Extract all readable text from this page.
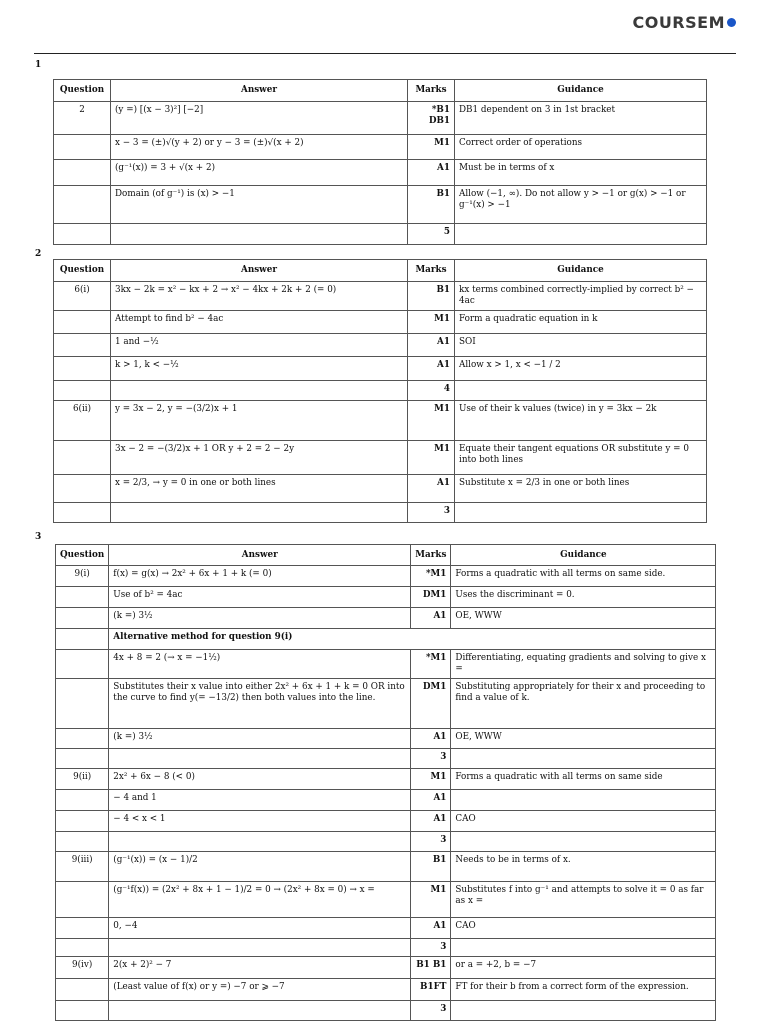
COURSEM
1
Question	Answer	Marks	Guidance
2	(y =) [(x − 3)²] [−2]	*B1 DB1	DB1 dependent on 3 in 1st bracket
	x − 3 = (±)√(y + 2) or y − 3 = (±)√(x + 2)	M1	Correct order of operations
	(g⁻¹(x)) = 3 + √(x + 2)	A1	Must be in terms of x
	Domain (of g⁻¹) is (x) > −1	B1	Allow (−1, ∞). Do not allow y > −1 or g(x) > −1 or g⁻¹(x) > −1
		5	
2
Question	Answer	Marks	Guidance
6(i)	3kx − 2k = x² − kx + 2 → x² − 4kx + 2k + 2 (= 0)	B1	kx terms combined correctly-implied by correct b² − 4ac
	Attempt to find b² − 4ac	M1	Form a quadratic equation in k
	1 and −½	A1	SOI
	k > 1, k < −½	A1	Allow x > 1, x < −1 / 2
		4	
6(ii)	y = 3x − 2, y = −(3/2)x + 1	M1	Use of their k values (twice) in y = 3kx − 2k
	3x − 2 = −(3/2)x + 1 OR y + 2 = 2 − 2y	M1	Equate their tangent equations OR substitute y = 0 into both lines
	x = 2/3, → y = 0 in one or both lines	A1	Substitute x = 2/3 in one or both lines
		3	
3
Question	Answer	Marks	Guidance
9(i)	f(x) = g(x) → 2x² + 6x + 1 + k (= 0)	*M1	Forms a quadratic with all terms on same side.
	Use of b² = 4ac	DM1	Uses the discriminant = 0.
	(k =) 3½	A1	OE, WWW
	Alternative method for question 9(i)		
	4x + 8 = 2 (→ x = −1½)	*M1	Differentiating, equating gradients and solving to give x =
	Substitutes their x value into either 2x² + 6x + 1 + k = 0 OR into the curve to find y(= −13/2) then both values into the line.	DM1	Substituting appropriately for their x and proceeding to find a value of k.
	(k =) 3½	A1	OE, WWW
		3	
9(ii)	2x² + 6x − 8 (< 0)	M1	Forms a quadratic with all terms on same side
	− 4 and 1	A1	
	− 4 < x < 1	A1	CAO
		3	
9(iii)	(g⁻¹(x)) = (x − 1)/2	B1	Needs to be in terms of x.
	(g⁻¹f(x)) = (2x² + 8x + 1 − 1)/2 = 0 → (2x² + 8x = 0) → x =	M1	Substitutes f into g⁻¹ and attempts to solve it = 0 as far as x =
	0, −4	A1	CAO
		3	
9(iv)	2(x + 2)² − 7	B1 B1	or a = +2, b = −7
	(Least value of f(x) or y =) −7 or ⩾ −7	B1FT	FT for their b from a correct form of the expression.
		3	
